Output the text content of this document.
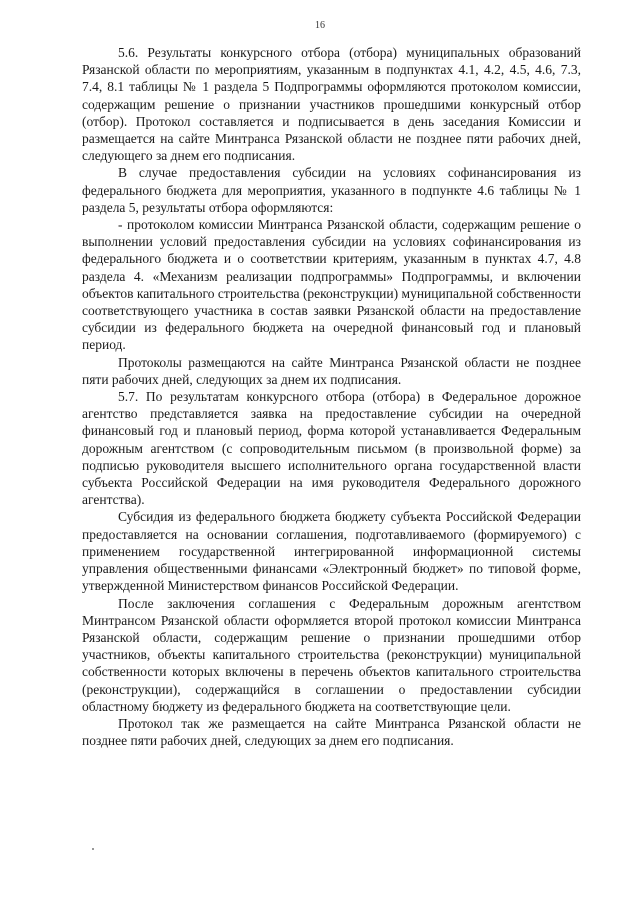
16

5.6. Результаты конкурсного отбора (отбора) муниципальных образований Рязанской области по мероприятиям, указанным в подпунктах 4.1, 4.2, 4.5, 4.6, 7.3, 7.4, 8.1 таблицы № 1 раздела 5 Подпрограммы оформляются протоколом комиссии, содержащим решение о признании участников прошедшими конкурсный отбор (отбор). Протокол составляется и подписывается в день заседания Комиссии и размещается на сайте Минтранса Рязанской области не позднее пяти рабочих дней, следующего за днем его подписания.

В случае предоставления субсидии на условиях софинансирования из федерального бюджета для мероприятия, указанного в подпункте 4.6 таблицы № 1 раздела 5, результаты отбора оформляются:

- протоколом комиссии Минтранса Рязанской области, содержащим решение о выполнении условий предоставления субсидии на условиях софинансирования из федерального бюджета и о соответствии критериям, указанным в пунктах 4.7, 4.8 раздела 4. «Механизм реализации подпрограммы» Подпрограммы, и включении объектов капитального строительства (реконструкции) муниципальной собственности соответствующего участника в состав заявки Рязанской области на предоставление субсидии из федерального бюджета на очередной финансовый год и плановый период.

Протоколы размещаются на сайте Минтранса Рязанской области не позднее пяти рабочих дней, следующих за днем их подписания.

5.7. По результатам конкурсного отбора (отбора) в Федеральное дорожное агентство представляется заявка на предоставление субсидии на очередной финансовый год и плановый период, форма которой устанавливается Федеральным дорожным агентством (с сопроводительным письмом (в произвольной форме) за подписью руководителя высшего исполнительного органа государственной власти субъекта Российской Федерации на имя руководителя Федерального дорожного агентства).

Субсидия из федерального бюджета бюджету субъекта Российской Федерации предоставляется на основании соглашения, подготавливаемого (формируемого) с применением государственной интегрированной информационной системы управления общественными финансами «Электронный бюджет» по типовой форме, утвержденной Министерством финансов Российской Федерации.

После заключения соглашения с Федеральным дорожным агентством Минтрансом Рязанской области оформляется второй протокол комиссии Минтранса Рязанской области, содержащим решение о признании прошедшими отбор участников, объекты капитального строительства (реконструкции) муниципальной собственности которых включены в перечень объектов капитального строительства (реконструкции), содержащийся в соглашении о предоставлении субсидии областному бюджету из федерального бюджета на соответствующие цели.

Протокол так же размещается на сайте Минтранса Рязанской области не позднее пяти рабочих дней, следующих за днем его подписания.
